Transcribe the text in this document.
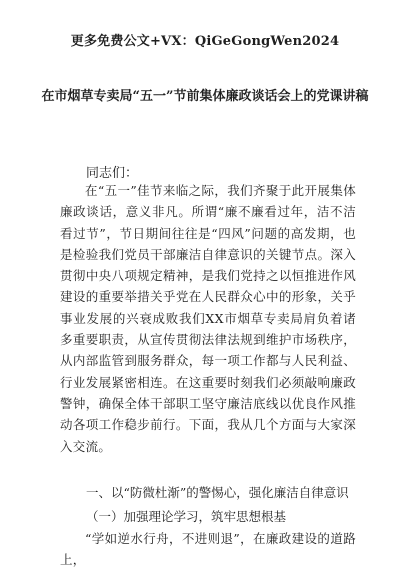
更多免费公文+VX：QiGeGongWen2024
在市烟草专卖局“五一”节前集体廉政谈话会上的党课讲稿
同志们：
在“五一”佳节来临之际，我们齐聚于此开展集体廉政谈话，意义非凡。所谓“廉不廉看过年，洁不洁看过节”，节日期间往往是“四风”问题的高发期，也是检验我们党员干部廉洁自律意识的关键节点。深入贯彻中央八项规定精神，是我们党持之以恒推进作风建设的重要举措关乎党在人民群众心中的形象，关乎事业发展的兴衰成败我们XX市烟草专卖局肩负着诸多重要职责，从宣传贯彻法律法规到维护市场秩序，从内部监管到服务群众，每一项工作都与人民利益、行业发展紧密相连。在这重要时刻我们必须敲响廉政警钟，确保全体干部职工坚守廉洁底线以优良作风推动各项工作稳步前行。下面，我从几个方面与大家深入交流。
一、以“防微杜渐”的警惕心，强化廉洁自律意识
（一）加强理论学习，筑牢思想根基
“学如逆水行舟，不进则退”，在廉政建设的道路上，
